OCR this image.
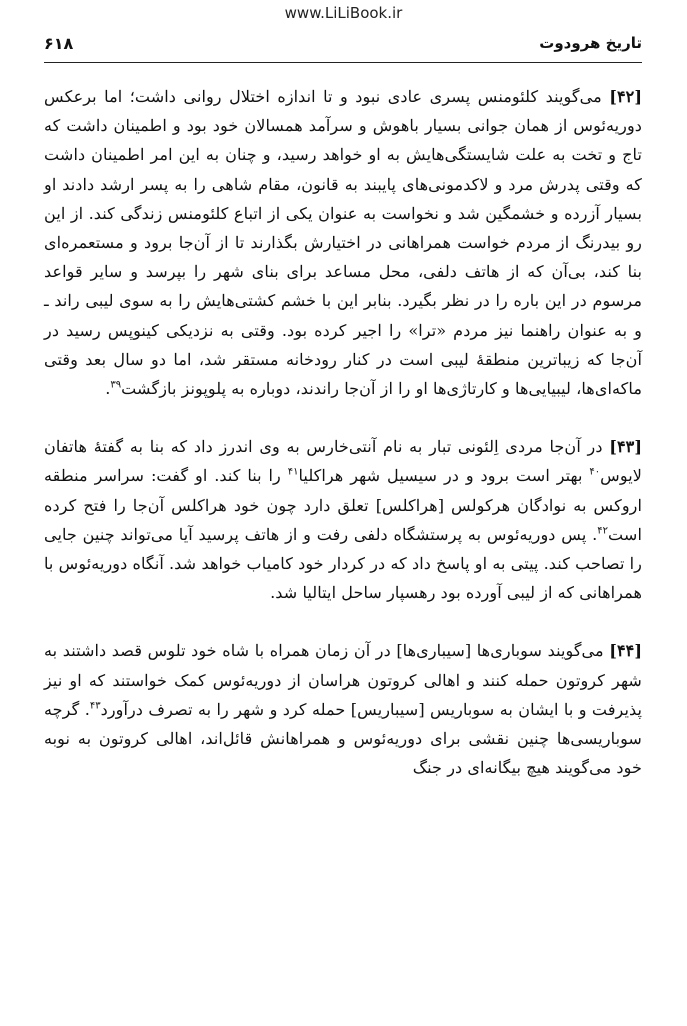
www.LiLiBook.ir
تاریخ هرودوت
۶۱۸

[۴۲] می‌گویند کلئومنس پسری عادی نبود و تا اندازه اختلال روانی داشت؛ اما برعکس دوریه‌ئوس از همان جوانی بسیار باهوش و سرآمد همسالان خود بود و اطمینان داشت که تاج و تخت به علت شایستگی‌هایش به او خواهد رسید، و چنان به این امر اطمینان داشت که وقتی پدرش مرد و لاکدمونی‌های پایبند به قانون، مقام شاهی را به پسر ارشد دادند او بسیار آزرده و خشمگین شد و نخواست به عنوان یکی از اتباع کلئومنس زندگی کند. از این رو بیدرنگ از مردم خواست همراهانی در اختیارش بگذارند تا از آن‌جا برود و مستعمره‌ای بنا کند، بی‌آن که از هاتف دلفی، محل مساعد برای بنای شهر را بپرسد و سایر قواعد مرسوم در این باره را در نظر بگیرد. بنابر این با خشم کشتی‌هایش را به سوی لیبی راند ـ و به عنوان راهنما نیز مردم «ترا» را اجیر کرده بود. وقتی به نزدیکی کینوپس رسید در آن‌جا که زیباترین منطقهٔ لیبی است در کنار رودخانه مستقر شد، اما دو سال بعد وقتی ماکه‌ای‌ها، لیبیایی‌ها و کارتاژی‌ها او را از آن‌جا راندند، دوباره به پلوپونز بازگشت$^{۳۹}$.

[۴۳] در آن‌جا مردی اِلئونی تبار به نام آنتی‌خارس به وی اندرز داد که بنا به گفتهٔ هاتفان لایوس$^{۴۰}$ بهتر است برود و در سیسیل شهر هراکلیا$^{۴۱}$ را بنا کند. او گفت: سراسر منطقه اروکس به نوادگان هرکولس [هراکلس] تعلق دارد چون خود هراکلس آن‌جا را فتح کرده است$^{۴۲}$. پس دوریه‌ئوس به پرستشگاه دلفی رفت و از هاتف پرسید آیا می‌تواند چنین جایی را تصاحب کند. پیتی به او پاسخ داد که در کردار خود کامیاب خواهد شد. آنگاه دوریه‌ئوس با همراهانی که از لیبی آورده بود رهسپار ساحل ایتالیا شد.

[۴۴] می‌گویند سوباری‌ها [سیباری‌ها] در آن زمان همراه با شاه خود تلوس قصد داشتند به شهر کروتون حمله کنند و اهالی کروتون هراسان از دوریه‌ئوس کمک خواستند که او نیز پذیرفت و با ایشان به سوباریس [سیباریس] حمله کرد و شهر را به تصرف درآورد$^{۴۳}$. گرچه سوباریسی‌ها چنین نقشی برای دوریه‌ئوس و همراهانش قائل‌اند، اهالی کروتون به نوبه خود می‌گویند هیچ بیگانه‌ای در جنگ
